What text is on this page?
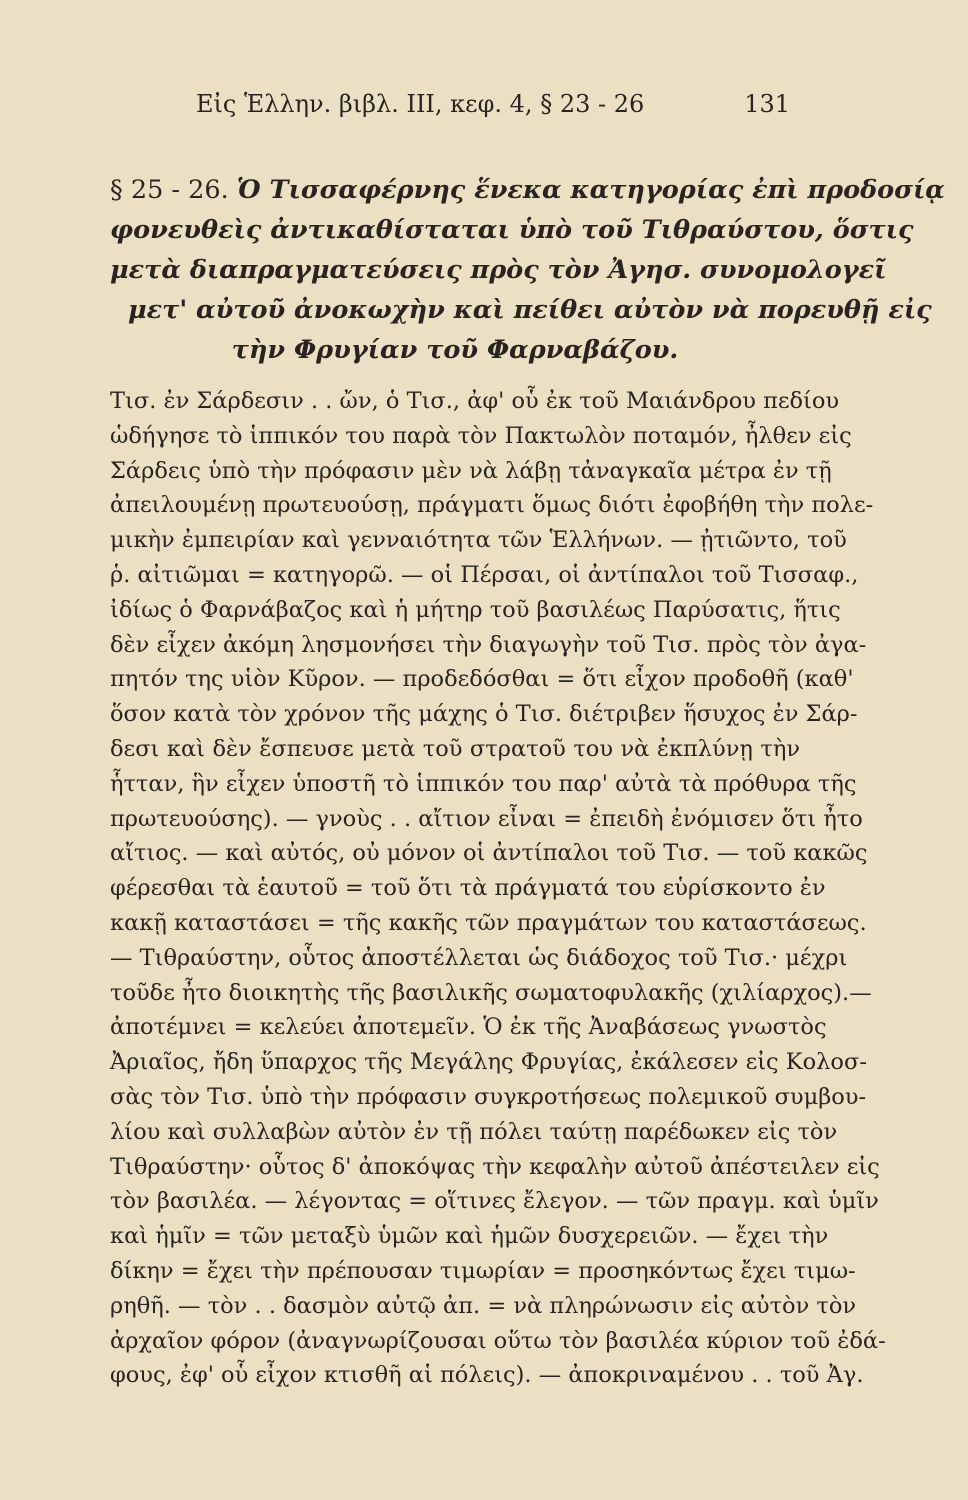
Εἰς Ἑλλην. βιβλ. III, κεφ. 4, § 23 - 26	131
§ 25 - 26. Ὁ Τισσαφέρνης ἕνεκα κατηγορίας ἐπὶ προδοσίᾳ
φονευθεὶς ἀντικαθίσταται ὑπὸ τοῦ Τιθραύστου, ὅστις
μετὰ διαπραγματεύσεις πρὸς τὸν Ἀγησ. συνομολογεῖ
μετ' αὐτοῦ ἀνοκωχὴν καὶ πείθει αὐτὸν νὰ πορευθῇ εἰς
τὴν Φρυγίαν τοῦ Φαρναβάζου.
Τισ. ἐν Σάρδεσιν . . ὤν, ὁ Τισ., ἀφ' οὗ ἐκ τοῦ Μαιάνδρου πεδίου
ὡδήγησε τὸ ἱππικόν του παρὰ τὸν Πακτωλὸν ποταμόν, ἦλθεν εἰς
Σάρδεις ὑπὸ τὴν πρόφασιν μὲν νὰ λάβῃ τἀναγκαῖα μέτρα ἐν τῇ
ἀπειλουμένῃ πρωτευούσῃ, πράγματι ὅμως διότι ἐφοβήθη τὴν πολε-
μικὴν ἐμπειρίαν καὶ γενναιότητα τῶν Ἑλλήνων. — ᾐτιῶντο, τοῦ
ῥ. αἰτιῶμαι = κατηγορῶ. — οἱ Πέρσαι, οἱ ἀντίπαλοι τοῦ Τισσαφ.,
ἰδίως ὁ Φαρνάβαζος καὶ ἡ μήτηρ τοῦ βασιλέως Παρύσατις, ἥτις
δὲν εἶχεν ἀκόμη λησμονήσει τὴν διαγωγὴν τοῦ Τισ. πρὸς τὸν ἀγα-
πητόν της υἱὸν Κῦρον. — προδεδόσθαι = ὅτι εἶχον προδοθῆ (καθ'
ὅσον κατὰ τὸν χρόνον τῆς μάχης ὁ Τισ. διέτριβεν ἥσυχος ἐν Σάρ-
δεσι καὶ δὲν ἔσπευσε μετὰ τοῦ στρατοῦ του νὰ ἐκπλύνῃ τὴν
ἧτταν, ἣν εἶχεν ὑποστῆ τὸ ἱππικόν του παρ' αὐτὰ τὰ πρόθυρα τῆς
πρωτευούσης). — γνοὺς . . αἴτιον εἶναι = ἐπειδὴ ἐνόμισεν ὅτι ἦτο
αἴτιος. — καὶ αὐτός, οὐ μόνον οἱ ἀντίπαλοι τοῦ Τισ. — τοῦ κακῶς
φέρεσθαι τὰ ἑαυτοῦ = τοῦ ὅτι τὰ πράγματά του εὑρίσκοντο ἐν
κακῇ καταστάσει = τῆς κακῆς τῶν πραγμάτων του καταστάσεως.
— Τιθραύστην, οὗτος ἀποστέλλεται ὡς διάδοχος τοῦ Τισ.· μέχρι
τοῦδε ἦτο διοικητὴς τῆς βασιλικῆς σωματοφυλακῆς (χιλίαρχος).—
ἀποτέμνει = κελεύει ἀποτεμεῖν. Ὁ ἐκ τῆς Ἀναβάσεως γνωστὸς
Ἀριαῖος, ἤδη ὕπαρχος τῆς Μεγάλης Φρυγίας, ἐκάλεσεν εἰς Κολοσ-
σὰς τὸν Τισ. ὑπὸ τὴν πρόφασιν συγκροτήσεως πολεμικοῦ συμβου-
λίου καὶ συλλαβὼν αὐτὸν ἐν τῇ πόλει ταύτῃ παρέδωκεν εἰς τὸν
Τιθραύστην· οὗτος δ' ἀποκόψας τὴν κεφαλὴν αὐτοῦ ἀπέστειλεν εἰς
τὸν βασιλέα. — λέγοντας = οἵτινες ἔλεγον. — τῶν πραγμ. καὶ ὑμῖν
καὶ ἡμῖν = τῶν μεταξὺ ὑμῶν καὶ ἡμῶν δυσχερειῶν. — ἔχει τὴν
δίκην = ἔχει τὴν πρέπουσαν τιμωρίαν = προσηκόντως ἔχει τιμω-
ρηθῆ. — τὸν . . δασμὸν αὐτῷ ἀπ. = νὰ πληρώνωσιν εἰς αὐτὸν τὸν
ἀρχαῖον φόρον (ἀναγνωρίζουσαι οὕτω τὸν βασιλέα κύριον τοῦ ἐδά-
φους, ἐφ' οὗ εἶχον κτισθῆ αἱ πόλεις). — ἀποκριναμένου . . τοῦ Ἀγ.
